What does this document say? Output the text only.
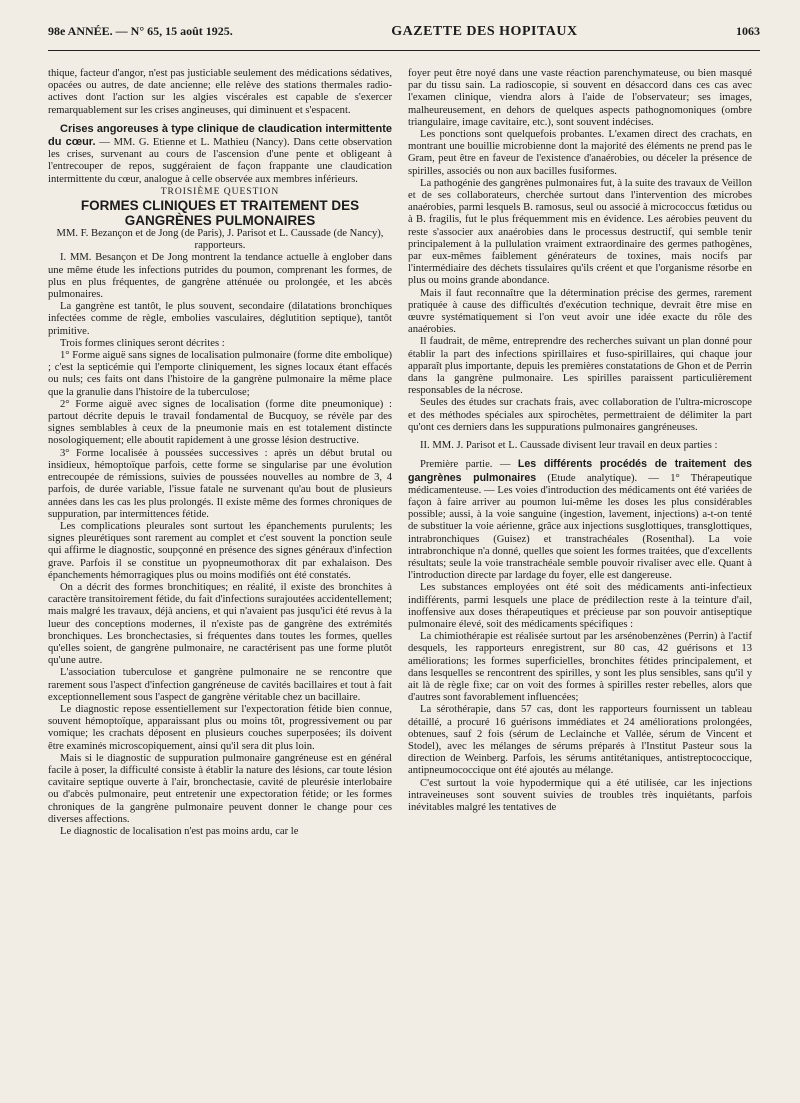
98e ANNÉE. — N° 65, 15 août 1925.	GAZETTE DES HOPITAUX	1063

thique, facteur d'angor, n'est pas justiciable seulement des médications sédatives, opacées ou autres, de date ancienne; elle relève des stations thermales radio-actives dont l'action sur les algies viscérales est capable de s'exercer remarquablement sur les crises angineuses, qui diminuent et s'espacent.

Crises angoreuses à type clinique de claudication intermittente du cœur. — MM. G. Etienne et L. Mathieu (Nancy). Dans cette observation les crises, survenant au cours de l'ascension d'une pente et obligeant à l'entrecouper de repos, suggéraient de façon frappante une claudication intermittente du cœur, analogue à celle observée aux membres inférieurs.

TROISIÈME QUESTION

FORMES CLINIQUES ET TRAITEMENT DES GANGRÈNES PULMONAIRES

MM. F. Bezançon et de Jong (de Paris), J. Parisot et L. Caussade (de Nancy), rapporteurs.

I. MM. Besançon et De Jong montrent la tendance actuelle à englober dans une même étude les infections putrides du poumon, comprenant les formes, de plus en plus fréquentes, de gangrène atténuée ou prolongée, et les abcès pulmonaires.

La gangrène est tantôt, le plus souvent, secondaire (dilatations bronchiques infectées comme de règle, embolies vasculaires, déglutition septique), tantôt primitive.

Trois formes cliniques seront décrites :

1° Forme aiguë sans signes de localisation pulmonaire (forme dite embolique) ; c'est la septicémie qui l'emporte cliniquement, les signes locaux étant effacés ou nuls; ces faits ont dans l'histoire de la gangrène pulmonaire la même place que la granulie dans l'histoire de la tuberculose;

2° Forme aiguë avec signes de localisation (forme dite pneumonique) : partout décrite depuis le travail fondamental de Bucquoy, se révèle par des signes semblables à ceux de la pneumonie mais en est totalement distincte nosologiquement; elle aboutit rapidement à une grosse lésion destructive.

3° Forme localisée à poussées successives : après un début brutal ou insidieux, hémoptoïque parfois, cette forme se singularise par une évolution entrecoupée de rémissions, suivies de poussées nouvelles au nombre de 3, 4 parfois, de durée variable, l'issue fatale ne survenant qu'au bout de plusieurs années dans les cas les plus prolongés. Il existe même des formes chroniques de suppuration, par intermittences fétide.

Les complications pleurales sont surtout les épanchements purulents; les signes pleurétiques sont rarement au complet et c'est souvent la ponction seule qui affirme le diagnostic, soupçonné en présence des signes généraux d'infection grave. Parfois il se constitue un pyopneumothorax dit par exhalaison. Des épanchements hémorragiques plus ou moins modifiés ont été constatés.

On a décrit des formes bronchitiques; en réalité, il existe des bronchites à caractère transitoirement fétide, du fait d'infections surajoutées accidentellement; mais malgré les travaux, déjà anciens, et qui n'avaient pas jusqu'ici été revus à la lueur des conceptions modernes, il n'existe pas de gangrène des extrémités bronchiques. Les bronchectasies, si fréquentes dans toutes les formes, quelles qu'elles soient, de gangrène pulmonaire, ne caractérisent pas une forme plutôt qu'une autre.

L'association tuberculose et gangrène pulmonaire ne se rencontre que rarement sous l'aspect d'infection gangréneuse de cavités bacillaires et tout à fait exceptionnellement sous l'aspect de gangrène véritable chez un bacillaire.

Le diagnostic repose essentiellement sur l'expectoration fétide bien connue, souvent hémoptoïque, apparaissant plus ou moins tôt, progressivement ou par vomique; les crachats déposent en plusieurs couches superposées; ils doivent être examinés microscopiquement, ainsi qu'il sera dit plus loin.

Mais si le diagnostic de suppuration pulmonaire gangréneuse est en général facile à poser, la difficulté consiste à établir la nature des lésions, car toute lésion cavitaire septique ouverte à l'air, bronchectasie, cavité de pleurésie interlobaire ou d'abcès pulmonaire, peut entretenir une expectoration fétide; or les formes chroniques de la gangrène pulmonaire peuvent donner le change pour ces diverses affections.

Le diagnostic de localisation n'est pas moins ardu, car le

foyer peut être noyé dans une vaste réaction parenchymateuse, ou bien masqué par du tissu sain. La radioscopie, si souvent en désaccord dans ces cas avec l'examen clinique, viendra alors à l'aide de l'observateur; ses images, malheureusement, en dehors de quelques aspects pathognomoniques (ombre triangulaire, image cavitaire, etc.), sont souvent indécises.

Les ponctions sont quelquefois probantes. L'examen direct des crachats, en montrant une bouillie microbienne dont la majorité des éléments ne prend pas le Gram, peut être en faveur de l'existence d'anaérobies, ou déceler la présence de spirilles, associés ou non aux bacilles fusiformes.

La pathogénie des gangrènes pulmonaires fut, à la suite des travaux de Veillon et de ses collaborateurs, cherchée surtout dans l'intervention des microbes anaérobies, parmi lesquels B. ramosus, seul ou associé à micrococcus fœtidus ou à B. fragilis, fut le plus fréquemment mis en évidence. Les aérobies peuvent du reste s'associer aux anaérobies dans le processus destructif, qui semble tenir principalement à la pullulation vraiment extraordinaire des germes pathogènes, par eux-mêmes faiblement générateurs de toxines, mais nocifs par l'intermédiaire des déchets tissulaires qu'ils créent et que l'organisme résorbe en plus ou moins grande abondance.

Mais il faut reconnaître que la détermination précise des germes, rarement pratiquée à cause des difficultés d'exécution technique, devrait être mise en œuvre systématiquement si l'on veut avoir une idée exacte du rôle des anaérobies.

Il faudrait, de même, entreprendre des recherches suivant un plan donné pour établir la part des infections spirillaires et fuso-spirillaires, qui chaque jour apparaît plus importante, depuis les premières constatations de Ghon et de Perrin dans la gangrène pulmonaire. Les spirilles paraissent particulièrement responsables de la nécrose.

Seules des études sur crachats frais, avec collaboration de l'ultra-microscope et des méthodes spéciales aux spirochètes, permettraient de délimiter la part qu'ont ces derniers dans les suppurations pulmonaires gangréneuses.

II. MM. J. Parisot et L. Caussade divisent leur travail en deux parties :

Première partie. — Les différents procédés de traitement des gangrènes pulmonaires (Etude analytique). — 1° Thérapeutique médicamenteuse. — Les voies d'introduction des médicaments ont été variées de façon à faire arriver au poumon lui-même les doses les plus considérables possible; aussi, à la voie sanguine (ingestion, lavement, injections) a-t-on tenté de substituer la voie aérienne, grâce aux injections susglottiques, transglottiques, intrabronchiques (Guisez) et transtrachéales (Rosenthal). La voie intrabronchique n'a donné, quelles que soient les formes traitées, que d'excellents résultats; seule la voie transtrachéale semble pouvoir rivaliser avec elle. Quant à l'introduction directe par lardage du foyer, elle est dangereuse.

Les substances employées ont été soit des médicaments anti-infectieux indifférents, parmi lesquels une place de prédilection reste à la teinture d'ail, inoffensive aux doses thérapeutiques et précieuse par son pouvoir antiseptique pulmonaire élevé, soit des médicaments spécifiques :

La chimiothérapie est réalisée surtout par les arsénobenzènes (Perrin) à l'actif desquels, les rapporteurs enregistrent, sur 80 cas, 42 guérisons et 13 améliorations; les formes superficielles, bronchites fétides principalement, et dans lesquelles se rencontrent des spirilles, y sont les plus sensibles, sans qu'il y ait là de règle fixe; car on voit des formes à spirilles rester rebelles, alors que d'autres sont favorablement influencées;

La sérothérapie, dans 57 cas, dont les rapporteurs fournissent un tableau détaillé, a procuré 16 guérisons immédiates et 24 améliorations prolongées, obtenues, sauf 2 fois (sérum de Leclainche et Vallée, sérum de Vincent et Stodel), avec les mélanges de sérums préparés à l'Institut Pasteur sous la direction de Weinberg. Parfois, les sérums antitétaniques, antistreptococcique, antipneumococcique ont été ajoutés au mélange.

C'est surtout la voie hypodermique qui a été utilisée, car les injections intraveineuses sont souvent suivies de troubles très inquiétants, parfois inévitables malgré les tentatives de
